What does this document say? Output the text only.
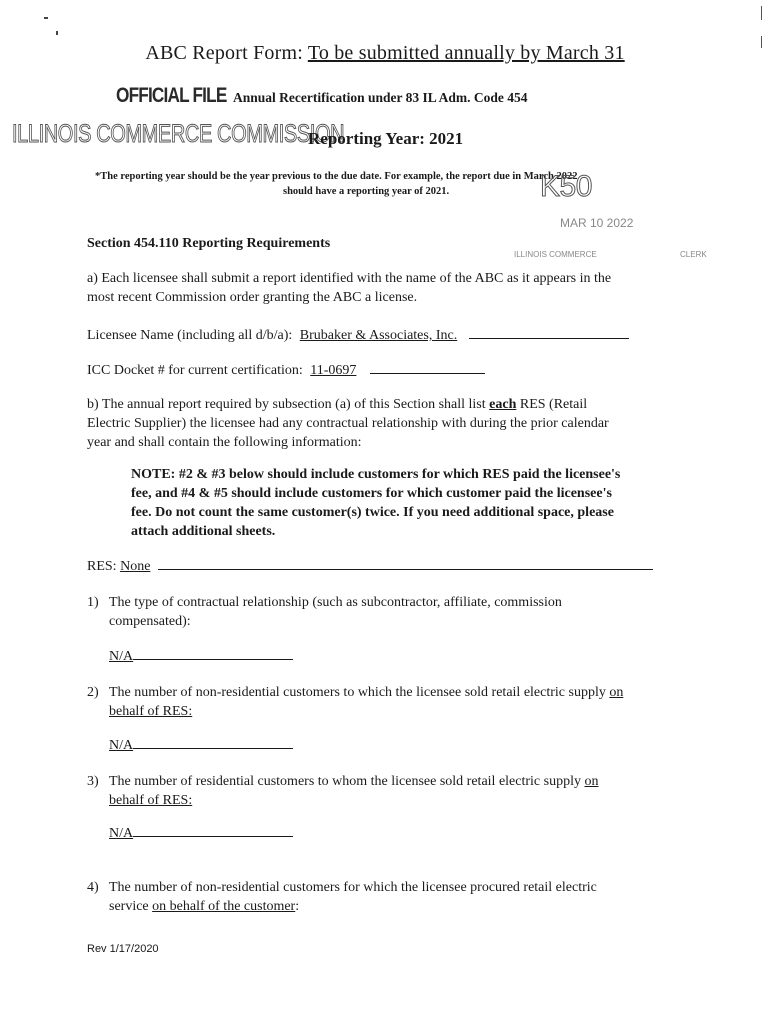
ABC Report Form: To be submitted annually by March 31
OFFICIAL FILE Annual Recertification under 83 IL Adm. Code 454
ILLINOIS COMMERCE COMMISSION
Reporting Year: 2021
*The reporting year should be the year previous to the due date. For example, the report due in March 2022
should have a reporting year of 2021.	K50
MAR 10 2022
ILLINOIS COMMERCE	CLERK
Section 454.110 Reporting Requirements
a) Each licensee shall submit a report identified with the name of the ABC as it appears in the
most recent Commission order granting the ABC a license.
Licensee Name (including all d/b/a): Brubaker & Associates, Inc.
ICC Docket # for current certification: 11-0697
b) The annual report required by subsection (a) of this Section shall list each RES (Retail
Electric Supplier) the licensee had any contractual relationship with during the prior calendar
year and shall contain the following information:
NOTE: #2 & #3 below should include customers for which RES paid the licensee's
fee, and #4 & #5 should include customers for which customer paid the licensee's
fee. Do not count the same customer(s) twice. If you need additional space, please
attach additional sheets.
RES: None
1) The type of contractual relationship (such as subcontractor, affiliate, commission
compensated):
N/A
2) The number of non-residential customers to which the licensee sold retail electric supply on
behalf of RES:
N/A
3) The number of residential customers to whom the licensee sold retail electric supply on
behalf of RES:
N/A
4) The number of non-residential customers for which the licensee procured retail electric
service on behalf of the customer:
Rev 1/17/2020
